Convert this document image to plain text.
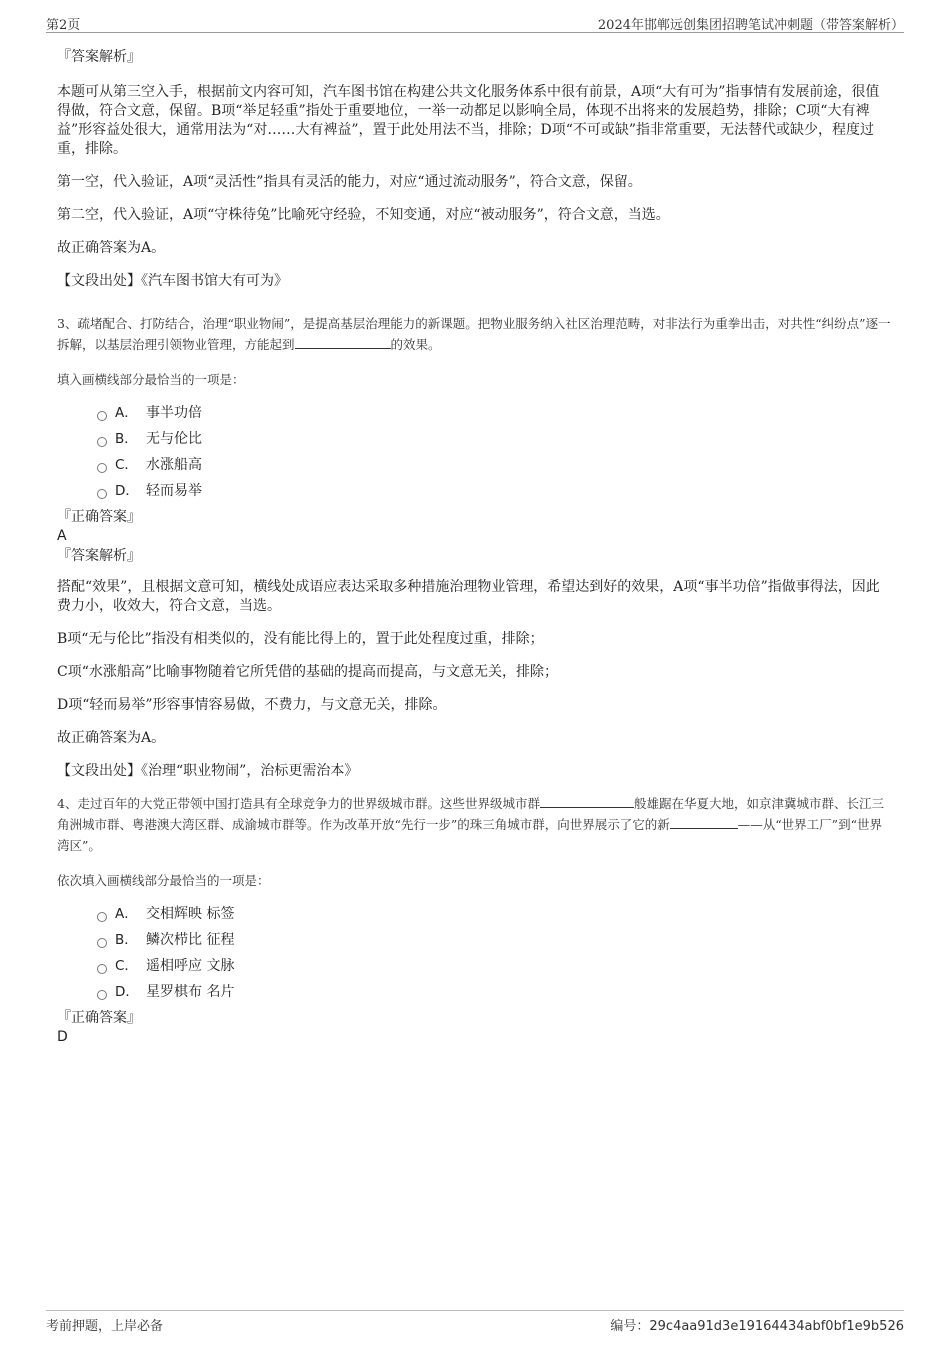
第2页	2024年邯郸远创集团招聘笔试冲刺题（带答案解析）

『答案解析』

本题可从第三空入手，根据前文内容可知，汽车图书馆在构建公共文化服务体系中很有前景，A项“大有可为”指事情有发展前途，很值得做，符合文意，保留。B项“举足轻重”指处于重要地位，一举一动都足以影响全局，体现不出将来的发展趋势，排除；C项“大有裨益”形容益处很大，通常用法为“对……大有裨益”，置于此处用法不当，排除；D项“不可或缺”指非常重要，无法替代或缺少，程度过重，排除。

第一空，代入验证，A项“灵活性”指具有灵活的能力，对应“通过流动服务”，符合文意，保留。

第二空，代入验证，A项“守株待兔”比喻死守经验，不知变通，对应“被动服务”，符合文意，当选。

故正确答案为A。

【文段出处】《汽车图书馆大有可为》

3、疏堵配合、打防结合，治理“职业物闹”，是提高基层治理能力的新课题。把物业服务纳入社区治理范畴，对非法行为重拳出击，对共性“纠纷点”逐一拆解，以基层治理引领物业管理，方能起到	的效果。

填入画横线部分最恰当的一项是：

A． 事半功倍
B． 无与伦比
C． 水涨船高
D． 轻而易举

『正确答案』

A

『答案解析』

搭配“效果”，且根据文意可知，横线处成语应表达采取多种措施治理物业管理，希望达到好的效果，A项“事半功倍”指做事得法，因此费力小，收效大，符合文意，当选。

B项“无与伦比”指没有相类似的，没有能比得上的，置于此处程度过重，排除；

C项“水涨船高”比喻事物随着它所凭借的基础的提高而提高，与文意无关，排除；

D项“轻而易举”形容事情容易做，不费力，与文意无关，排除。

故正确答案为A。

【文段出处】《治理“职业物闹”，治标更需治本》

4、走过百年的大党正带领中国打造具有全球竞争力的世界级城市群。这些世界级城市群	般雄踞在华夏大地，如京津冀城市群、长江三角洲城市群、粤港澳大湾区群、成渝城市群等。作为改革开放“先行一步”的珠三角城市群，向世界展示了它的新	——从“世界工厂”到“世界湾区”。

依次填入画横线部分最恰当的一项是：

A． 交相辉映 标签
B． 鳞次栉比 征程
C． 遥相呼应 文脉
D． 星罗棋布 名片

『正确答案』

D

考前押题，上岸必备	编号：29c4aa91d3e19164434abf0bf1e9b526
